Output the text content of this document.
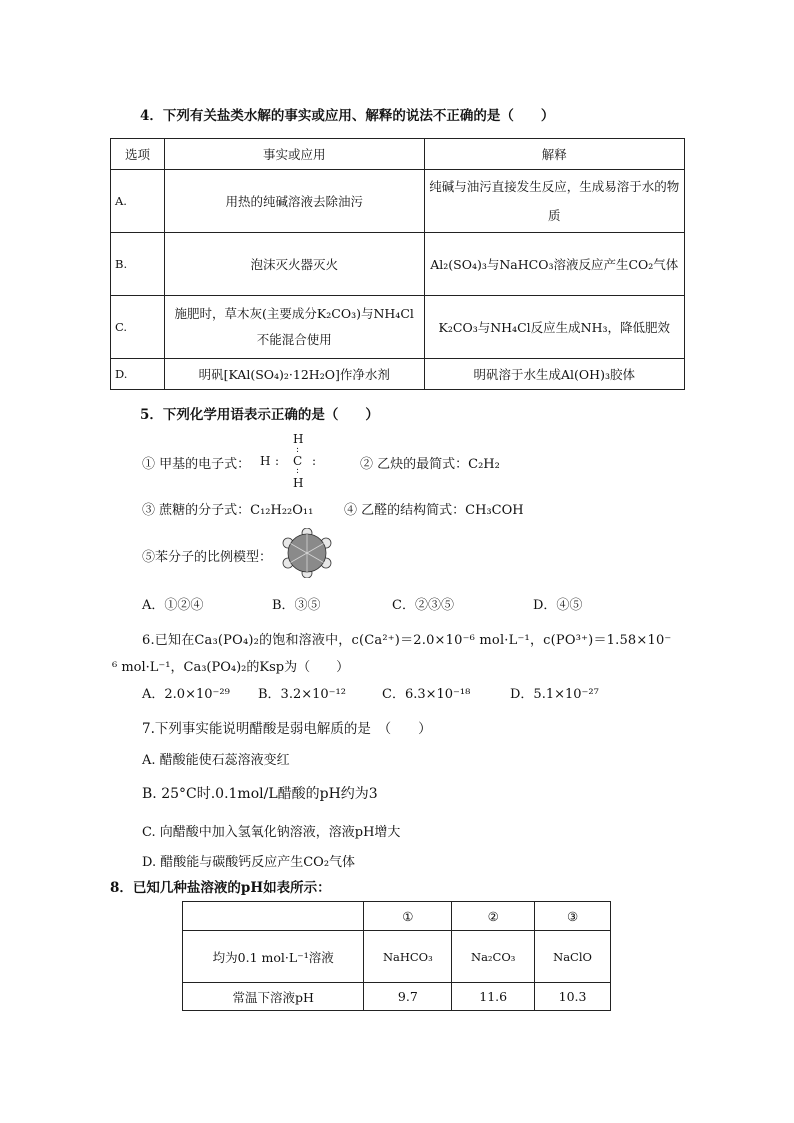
4．下列有关盐类水解的事实或应用、解释的说法不正确的是（　　）
选项	事实或应用	解释
A.	用热的纯碱溶液去除油污	纯碱与油污直接发生反应，生成易溶于水的物质
B.	泡沫灭火器灭火	Al₂(SO₄)₃与NaHCO₃溶液反应产生CO₂气体
C.	施肥时，草木灰(主要成分K₂CO₃)与NH₄Cl不能混合使用	K₂CO₃与NH₄Cl反应生成NH₃，降低肥效
D.	明矾[KAl(SO₄)₂·12H₂O]作净水剂	明矾溶于水生成Al(OH)₃胶体
5．下列化学用语表示正确的是（　　）
① 甲基的电子式：
H
:
H : C :
:
H
② 乙炔的最简式：C₂H₂
③ 蔗糖的分子式：C₁₂H₂₂O₁₁ ④ 乙醛的结构简式：CH₃COH
⑤苯分子的比例模型：
A．①②④	B．③⑤	C．②③⑤	D．④⑤
6.已知在Ca₃(PO₄)₂的饱和溶液中，c(Ca²⁺)＝2.0×10⁻⁶ mol·L⁻¹，c(PO³⁺)＝1.58×10⁻
⁶ mol·L⁻¹，Ca₃(PO₄)₂的Ksp为（　　）
A．2.0×10⁻²⁹ B．3.2×10⁻¹²	C．6.3×10⁻¹⁸	D．5.1×10⁻²⁷
7.下列事实能说明醋酸是弱电解质的是　（　　）
A. 醋酸能使石蕊溶液变红
B. 25°C时.0.1mol/L醋酸的pH约为3
C. 向醋酸中加入氢氧化钠溶液，溶液pH增大
D. 醋酸能与碳酸钙反应产生CO₂气体
8．已知几种盐溶液的pH如表所示：
	①	②	③
均为0.1 mol·L⁻¹溶液	NaHCO₃	Na₂CO₃	NaClO
常温下溶液pH	9.7	11.6	10.3
